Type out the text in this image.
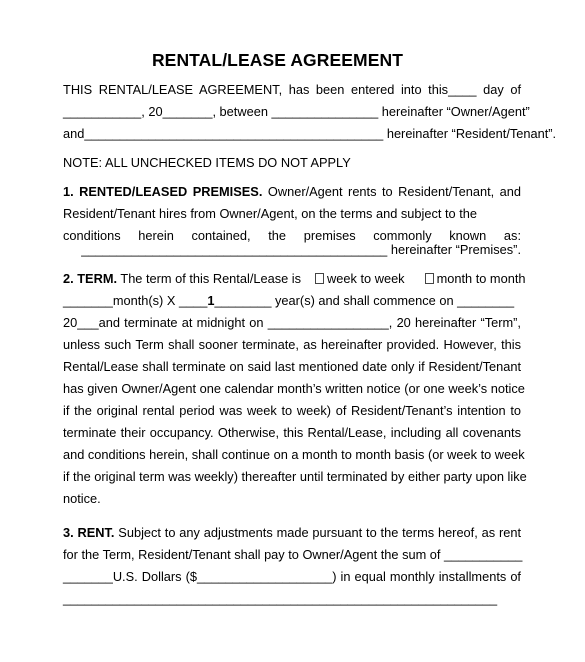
RENTAL/LEASE AGREEMENT
THIS RENTAL/LEASE AGREEMENT, has been entered into this____ day of
___________, 20_______, between _______________ hereinafter “Owner/Agent”
and__________________________________________ hereinafter “Resident/Tenant”.
NOTE: ALL UNCHECKED ITEMS DO NOT APPLY
1. RENTED/LEASED PREMISES. Owner/Agent rents to Resident/Tenant, and
Resident/Tenant hires from Owner/Agent, on the terms and subject to the
conditions herein contained, the premises commonly known as:
___________________________________________ hereinafter “Premises”.
2. TERM. The term of this Rental/Lease is week to week	month to month
_______month(s) X ____1________ year(s) and shall commence on ________
20___and terminate at midnight on _________________, 20 hereinafter “Term”,
unless such Term shall sooner terminate, as hereinafter provided. However, this
Rental/Lease shall terminate on said last mentioned date only if Resident/Tenant
has given Owner/Agent one calendar month’s written notice (or one week’s notice
if the original rental period was week to week) of Resident/Tenant’s intention to
terminate their occupancy. Otherwise, this Rental/Lease, including all covenants
and conditions herein, shall continue on a month to month basis (or week to week
if the original term was weekly) thereafter until terminated by either party upon like
notice.
3. RENT. Subject to any adjustments made pursuant to the terms hereof, as rent
for the Term, Resident/Tenant shall pay to Owner/Agent the sum of ___________
_______U.S. Dollars ($___________________) in equal monthly installments of
_____________________________________________________________
